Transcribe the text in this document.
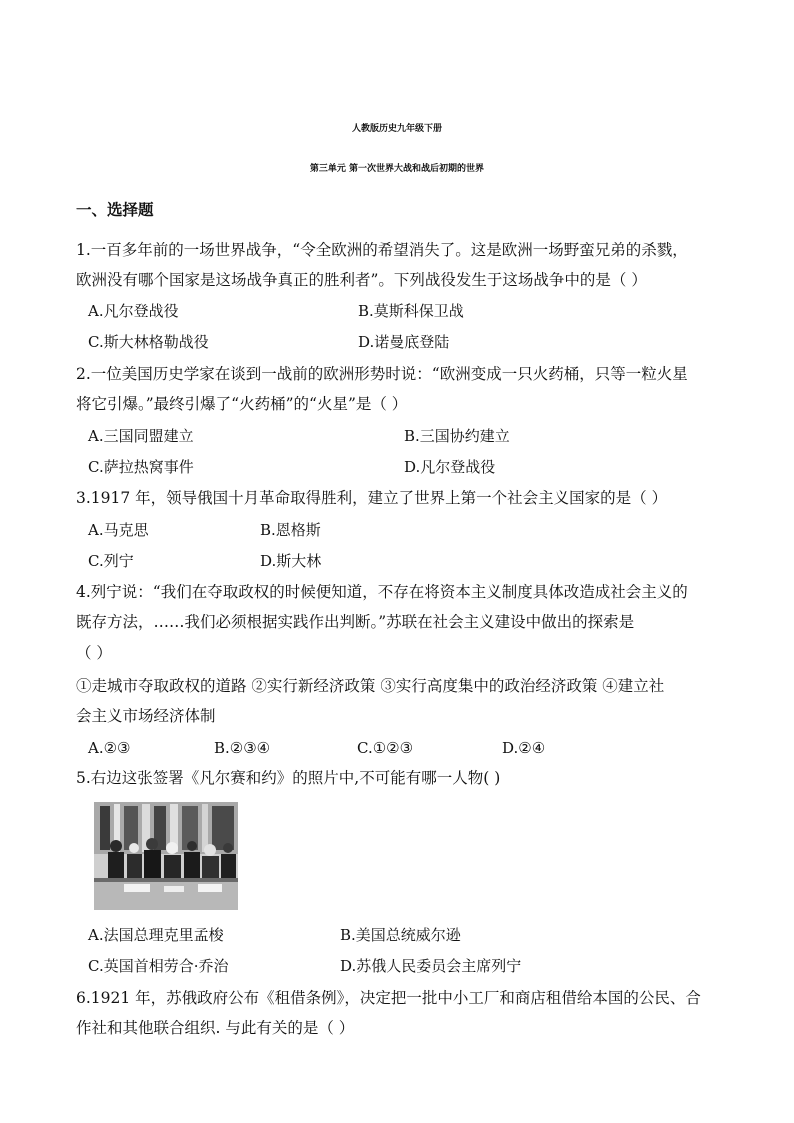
人教版历史九年级下册
第三单元 第一次世界大战和战后初期的世界
一、选择题
1.一百多年前的一场世界战争，“令全欧洲的希望消失了。这是欧洲一场野蛮兄弟的杀戮，
欧洲没有哪个国家是这场战争真正的胜利者”。下列战役发生于这场战争中的是（ ）
A.凡尔登战役	B.莫斯科保卫战
C.斯大林格勒战役	D.诺曼底登陆
2.一位美国历史学家在谈到一战前的欧洲形势时说：“欧洲变成一只火药桶，只等一粒火星
将它引爆。”最终引爆了“火药桶”的“火星”是（ ）
A.三国同盟建立	B.三国协约建立
C.萨拉热窝事件	D.凡尔登战役
3.1917 年，领导俄国十月革命取得胜利，建立了世界上第一个社会主义国家的是（ ）
A.马克思	B.恩格斯
C.列宁	D.斯大林
4.列宁说：“我们在夺取政权的时候便知道，不存在将资本主义制度具体改造成社会主义的
既存方法，……我们必须根据实践作出判断。”苏联在社会主义建设中做出的探索是
（ ）
①走城市夺取政权的道路 ②实行新经济政策 ③实行高度集中的政治经济政策 ④建立社
会主义市场经济体制
A.②③	B.②③④	C.①②③	D.②④
5.右边这张签署《凡尔赛和约》的照片中,不可能有哪一人物( )
A.法国总理克里孟梭	B.美国总统威尔逊
C.英国首相劳合·乔治	D.苏俄人民委员会主席列宁
6.1921 年，苏俄政府公布《租借条例》，决定把一批中小工厂和商店租借给本国的公民、合
作社和其他联合组织. 与此有关的是（ ）
